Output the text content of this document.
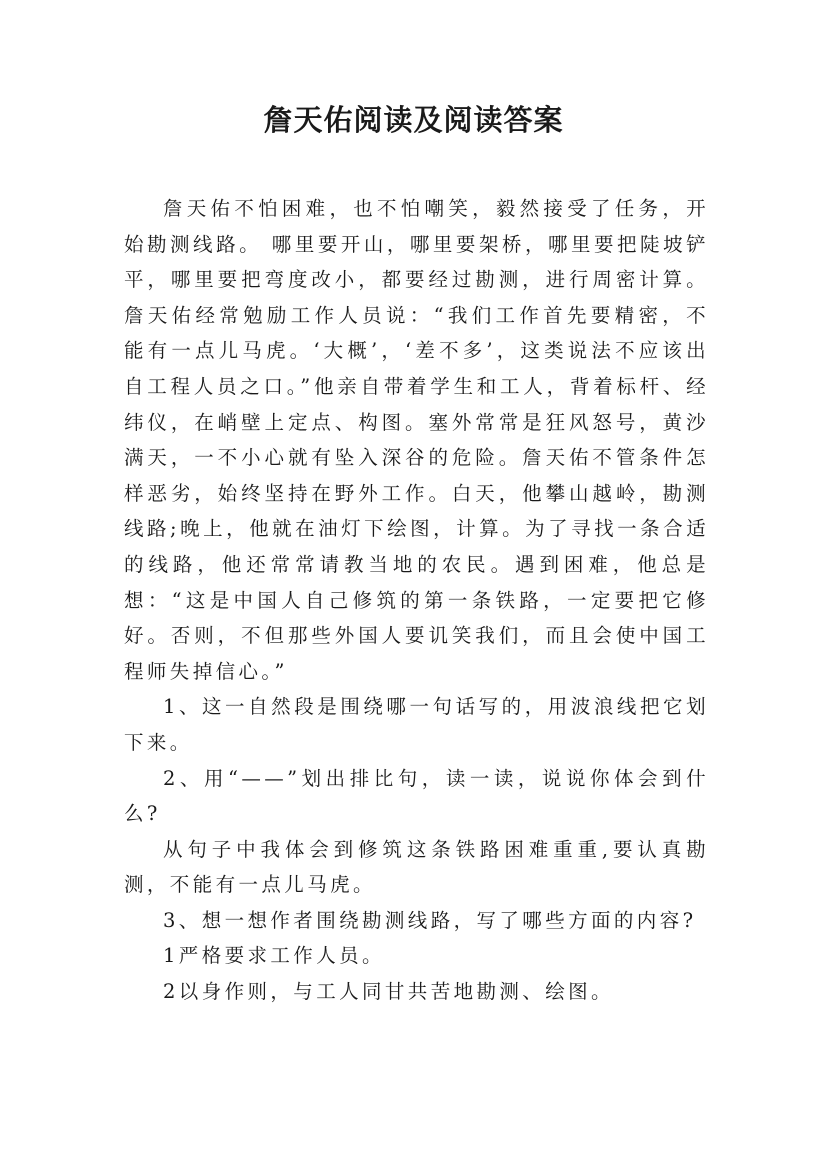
詹天佑阅读及阅读答案

詹天佑不怕困难，也不怕嘲笑，毅然接受了任务，开始勘测线路。 哪里要开山，哪里要架桥，哪里要把陡坡铲平，哪里要把弯度改小，都要经过勘测，进行周密计算。詹天佑经常勉励工作人员说：“我们工作首先要精密，不能有一点儿马虎。‘大概’，‘差不多’，这类说法不应该出自工程人员之口。”他亲自带着学生和工人，背着标杆、经纬仪，在峭壁上定点、构图。塞外常常是狂风怒号，黄沙满天，一不小心就有坠入深谷的危险。詹天佑不管条件怎样恶劣，始终坚持在野外工作。白天，他攀山越岭，勘测线路;晚上，他就在油灯下绘图，计算。为了寻找一条合适的线路，他还常常请教当地的农民。遇到困难，他总是想：“这是中国人自己修筑的第一条铁路，一定要把它修好。否则，不但那些外国人要讥笑我们，而且会使中国工程师失掉信心。”

1、这一自然段是围绕哪一句话写的，用波浪线把它划下来。

2、用“——”划出排比句，读一读，说说你体会到什么?

从句子中我体会到修筑这条铁路困难重重,要认真勘测，不能有一点儿马虎。

3、想一想作者围绕勘测线路，写了哪些方面的内容?

1严格要求工作人员。

2以身作则，与工人同甘共苦地勘测、绘图。
